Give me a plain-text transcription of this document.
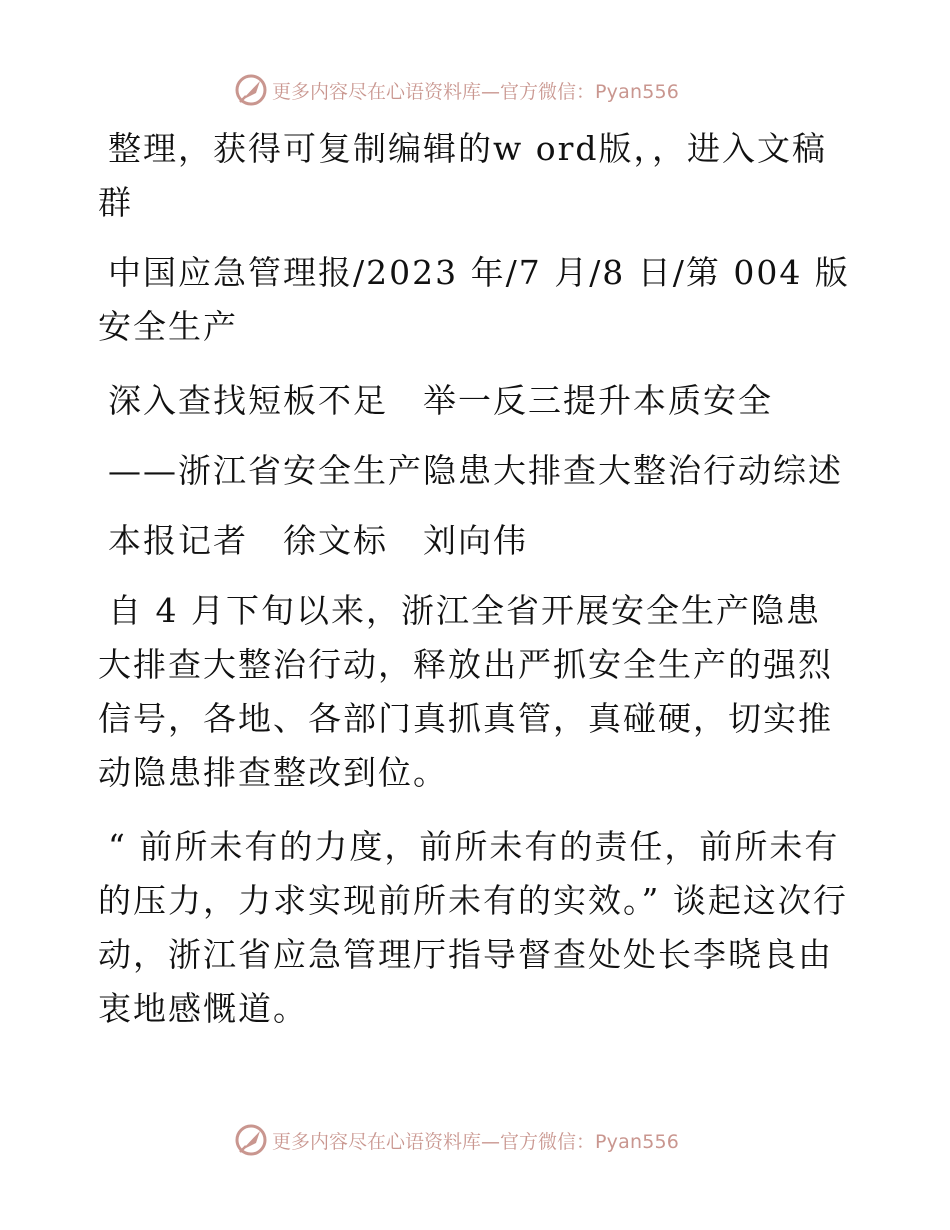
更多内容尽在心语资料库—官方微信：Pyan556

整理，获得可复制编辑的w ord版，，进入文稿群

中国应急管理报/2023 年/7 月/8 日/第 004 版安全生产

深入查找短板不足　举一反三提升本质安全

——浙江省安全生产隐患大排查大整治行动综述

本报记者　徐文标　刘向伟

自 4 月下旬以来，浙江全省开展安全生产隐患大排查大整治行动，释放出严抓安全生产的强烈信号，各地、各部门真抓真管，真碰硬，切实推动隐患排查整改到位。

“ 前所未有的力度，前所未有的责任，前所未有的压力，力求实现前所未有的实效。” 谈起这次行动，浙江省应急管理厅指导督查处处长李晓良由衷地感慨道。

更多内容尽在心语资料库—官方微信：Pyan556
